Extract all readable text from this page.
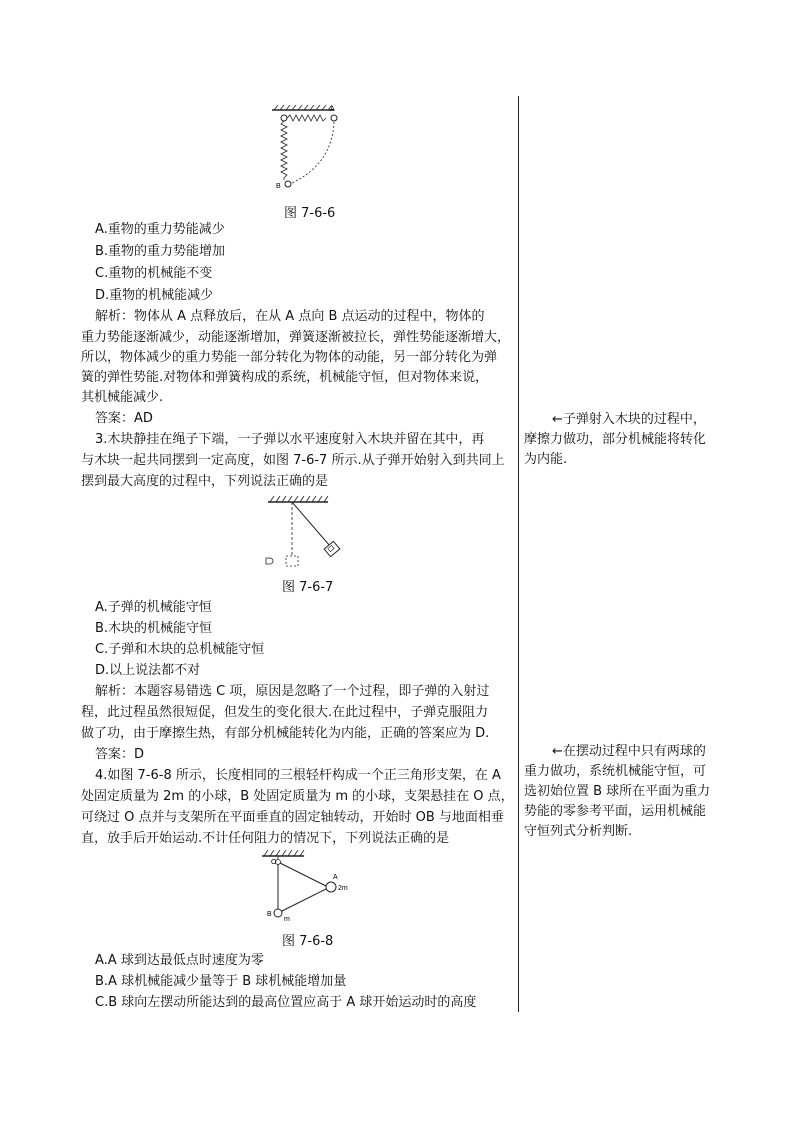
A
B
图 7-6-6
A.重物的重力势能减少
B.重物的重力势能增加
C.重物的机械能不变
D.重物的机械能减少
解析：物体从 A 点释放后，在从 A 点向 B 点运动的过程中，物体的
重力势能逐渐减少，动能逐渐增加，弹簧逐渐被拉长，弹性势能逐渐增大，
所以，物体减少的重力势能一部分转化为物体的动能，另一部分转化为弹
簧的弹性势能.对物体和弹簧构成的系统，机械能守恒，但对物体来说，
其机械能减少.
答案：AD
3.木块静挂在绳子下端，一子弹以水平速度射入木块并留在其中，再
与木块一起共同摆到一定高度，如图 7-6-7 所示.从子弹开始射入到共同上
摆到最大高度的过程中，下列说法正确的是
图 7-6-7
A.子弹的机械能守恒
B.木块的机械能守恒
C.子弹和木块的总机械能守恒
D.以上说法都不对
解析：本题容易错选 C 项，原因是忽略了一个过程，即子弹的入射过
程，此过程虽然很短促，但发生的变化很大.在此过程中，子弹克服阻力
做了功，由于摩擦生热，有部分机械能转化为内能，正确的答案应为 D.
答案：D
4.如图 7-6-8 所示，长度相同的三根轻杆构成一个正三角形支架，在 A
处固定质量为 2m 的小球，B 处固定质量为 m 的小球，支架悬挂在 O 点，
可绕过 O 点并与支架所在平面垂直的固定轴转动，开始时 OB 与地面相垂
直，放手后开始运动.不计任何阻力的情况下，下列说法正确的是
O
A
2m
B
m
图 7-6-8
A.A 球到达最低点时速度为零
B.A 球机械能减少量等于 B 球机械能增加量
C.B 球向左摆动所能达到的最高位置应高于 A 球开始运动时的高度

←子弹射入木块的过程中，

摩擦力做功，部分机械能将转化

为内能.

←在摆动过程中只有两球的

重力做功，系统机械能守恒，可

选初始位置 B 球所在平面为重力

势能的零参考平面，运用机械能

守恒列式分析判断.
